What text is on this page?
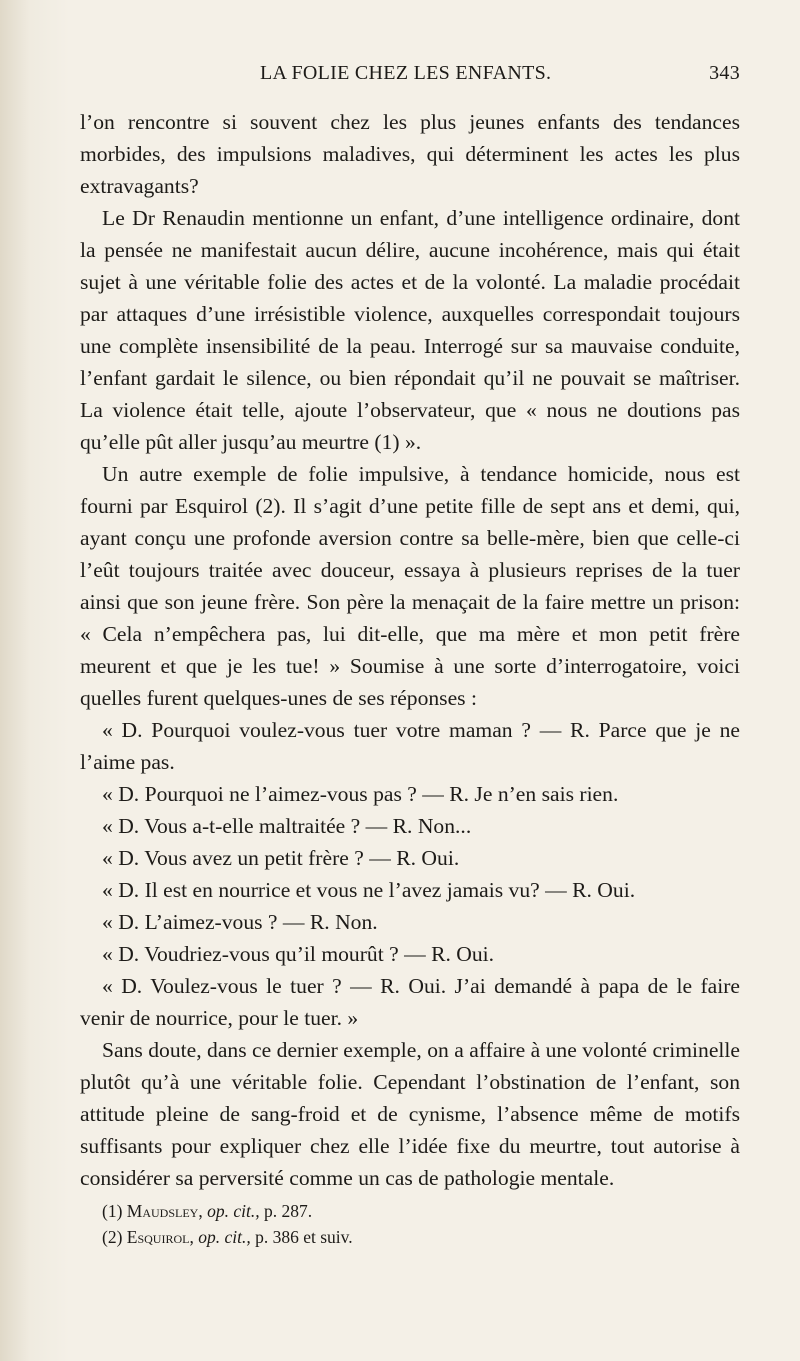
LA FOLIE CHEZ LES ENFANTS.	343

l’on rencontre si souvent chez les plus jeunes enfants des tendances morbides, des impulsions maladives, qui déterminent les actes les plus extravagants?

Le Dr Renaudin mentionne un enfant, d’une intelligence ordinaire, dont la pensée ne manifestait aucun délire, aucune incohérence, mais qui était sujet à une véritable folie des actes et de la volonté. La maladie procédait par attaques d’une irrésistible violence, auxquelles correspondait toujours une complète insensibilité de la peau. Interrogé sur sa mauvaise conduite, l’enfant gardait le silence, ou bien répondait qu’il ne pouvait se maîtriser. La violence était telle, ajoute l’observateur, que « nous ne doutions pas qu’elle pût aller jusqu’au meurtre (1) ».

Un autre exemple de folie impulsive, à tendance homicide, nous est fourni par Esquirol (2). Il s’agit d’une petite fille de sept ans et demi, qui, ayant conçu une profonde aversion contre sa belle-mère, bien que celle-ci l’eût toujours traitée avec douceur, essaya à plusieurs reprises de la tuer ainsi que son jeune frère. Son père la menaçait de la faire mettre un prison: « Cela n’empêchera pas, lui dit-elle, que ma mère et mon petit frère meurent et que je les tue! » Soumise à une sorte d’interrogatoire, voici quelles furent quelques-unes de ses réponses :

« D. Pourquoi voulez-vous tuer votre maman ? — R. Parce que je ne l’aime pas.

« D. Pourquoi ne l’aimez-vous pas ? — R. Je n’en sais rien.

« D. Vous a-t-elle maltraitée ? — R. Non...

« D. Vous avez un petit frère ? — R. Oui.

« D. Il est en nourrice et vous ne l’avez jamais vu? — R. Oui.

« D. L’aimez-vous ? — R. Non.

« D. Voudriez-vous qu’il mourût ? — R. Oui.

« D. Voulez-vous le tuer ? — R. Oui. J’ai demandé à papa de le faire venir de nourrice, pour le tuer. »

Sans doute, dans ce dernier exemple, on a affaire à une volonté criminelle plutôt qu’à une véritable folie. Cependant l’obstination de l’enfant, son attitude pleine de sang-froid et de cynisme, l’absence même de motifs suffisants pour expliquer chez elle l’idée fixe du meurtre, tout autorise à considérer sa perversité comme un cas de pathologie mentale.

(1) Maudsley, op. cit., p. 287.

(2) Esquirol, op. cit., p. 386 et suiv.
